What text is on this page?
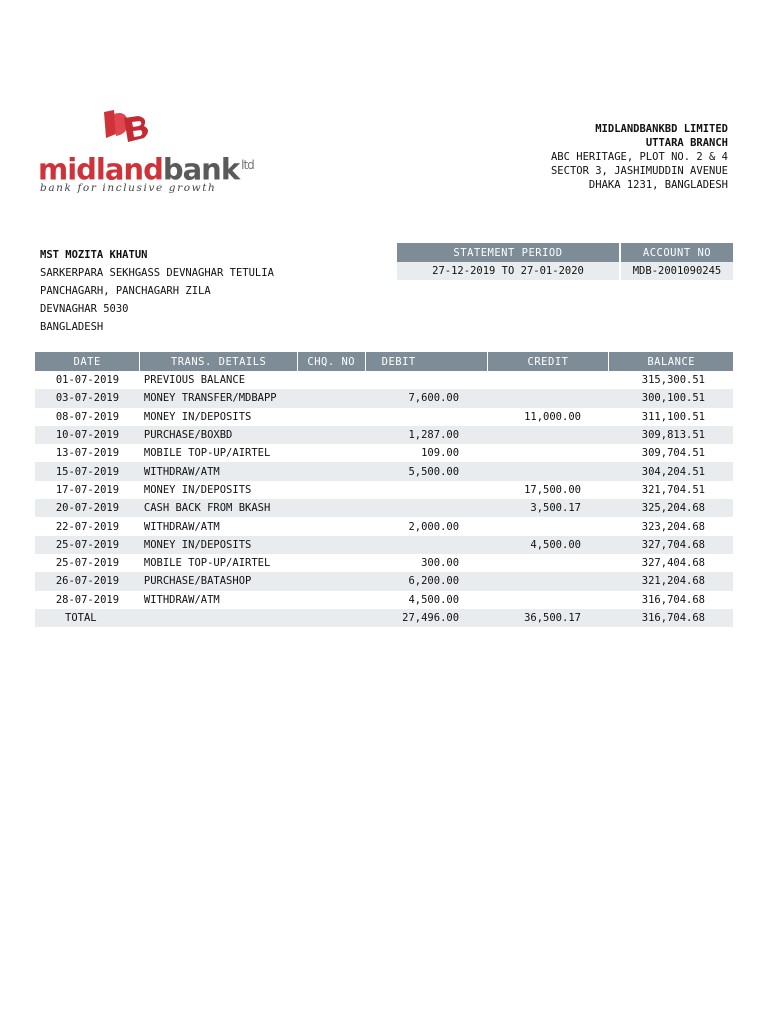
midlandbank $^{ltd}$
bank for inclusive growth
MIDLANDBANKBD LIMITED
UTTARA BRANCH
ABC HERITAGE, PLOT NO. 2 & 4
SECTOR 3, JASHIMUDDIN AVENUE
DHAKA 1231, BANGLADESH
MST MOZITA KHATUN
SARKERPARA SEKHGASS DEVNAGHAR TETULIA
PANCHAGARH, PANCHAGARH ZILA
DEVNAGHAR 5030
BANGLADESH
STATEMENT PERIOD	ACCOUNT NO
27-12-2019 TO 27-01-2020	MDB-2001090245
DATE	TRANS. DETAILS	CHQ. NO	DEBIT	CREDIT	BALANCE
01-07-2019	PREVIOUS BALANCE				315,300.51
03-07-2019	MONEY TRANSFER/MDBAPP		7,600.00		300,100.51
08-07-2019	MONEY IN/DEPOSITS			11,000.00	311,100.51
10-07-2019	PURCHASE/BOXBD		1,287.00		309,813.51
13-07-2019	MOBILE TOP-UP/AIRTEL		109.00		309,704.51
15-07-2019	WITHDRAW/ATM		5,500.00		304,204.51
17-07-2019	MONEY IN/DEPOSITS			17,500.00	321,704.51
20-07-2019	CASH BACK FROM BKASH			3,500.17	325,204.68
22-07-2019	WITHDRAW/ATM		2,000.00		323,204.68
25-07-2019	MONEY IN/DEPOSITS			4,500.00	327,704.68
25-07-2019	MOBILE TOP-UP/AIRTEL		300.00		327,404.68
26-07-2019	PURCHASE/BATASHOP		6,200.00		321,204.68
28-07-2019	WITHDRAW/ATM		4,500.00		316,704.68
TOTAL			27,496.00	36,500.17	316,704.68
